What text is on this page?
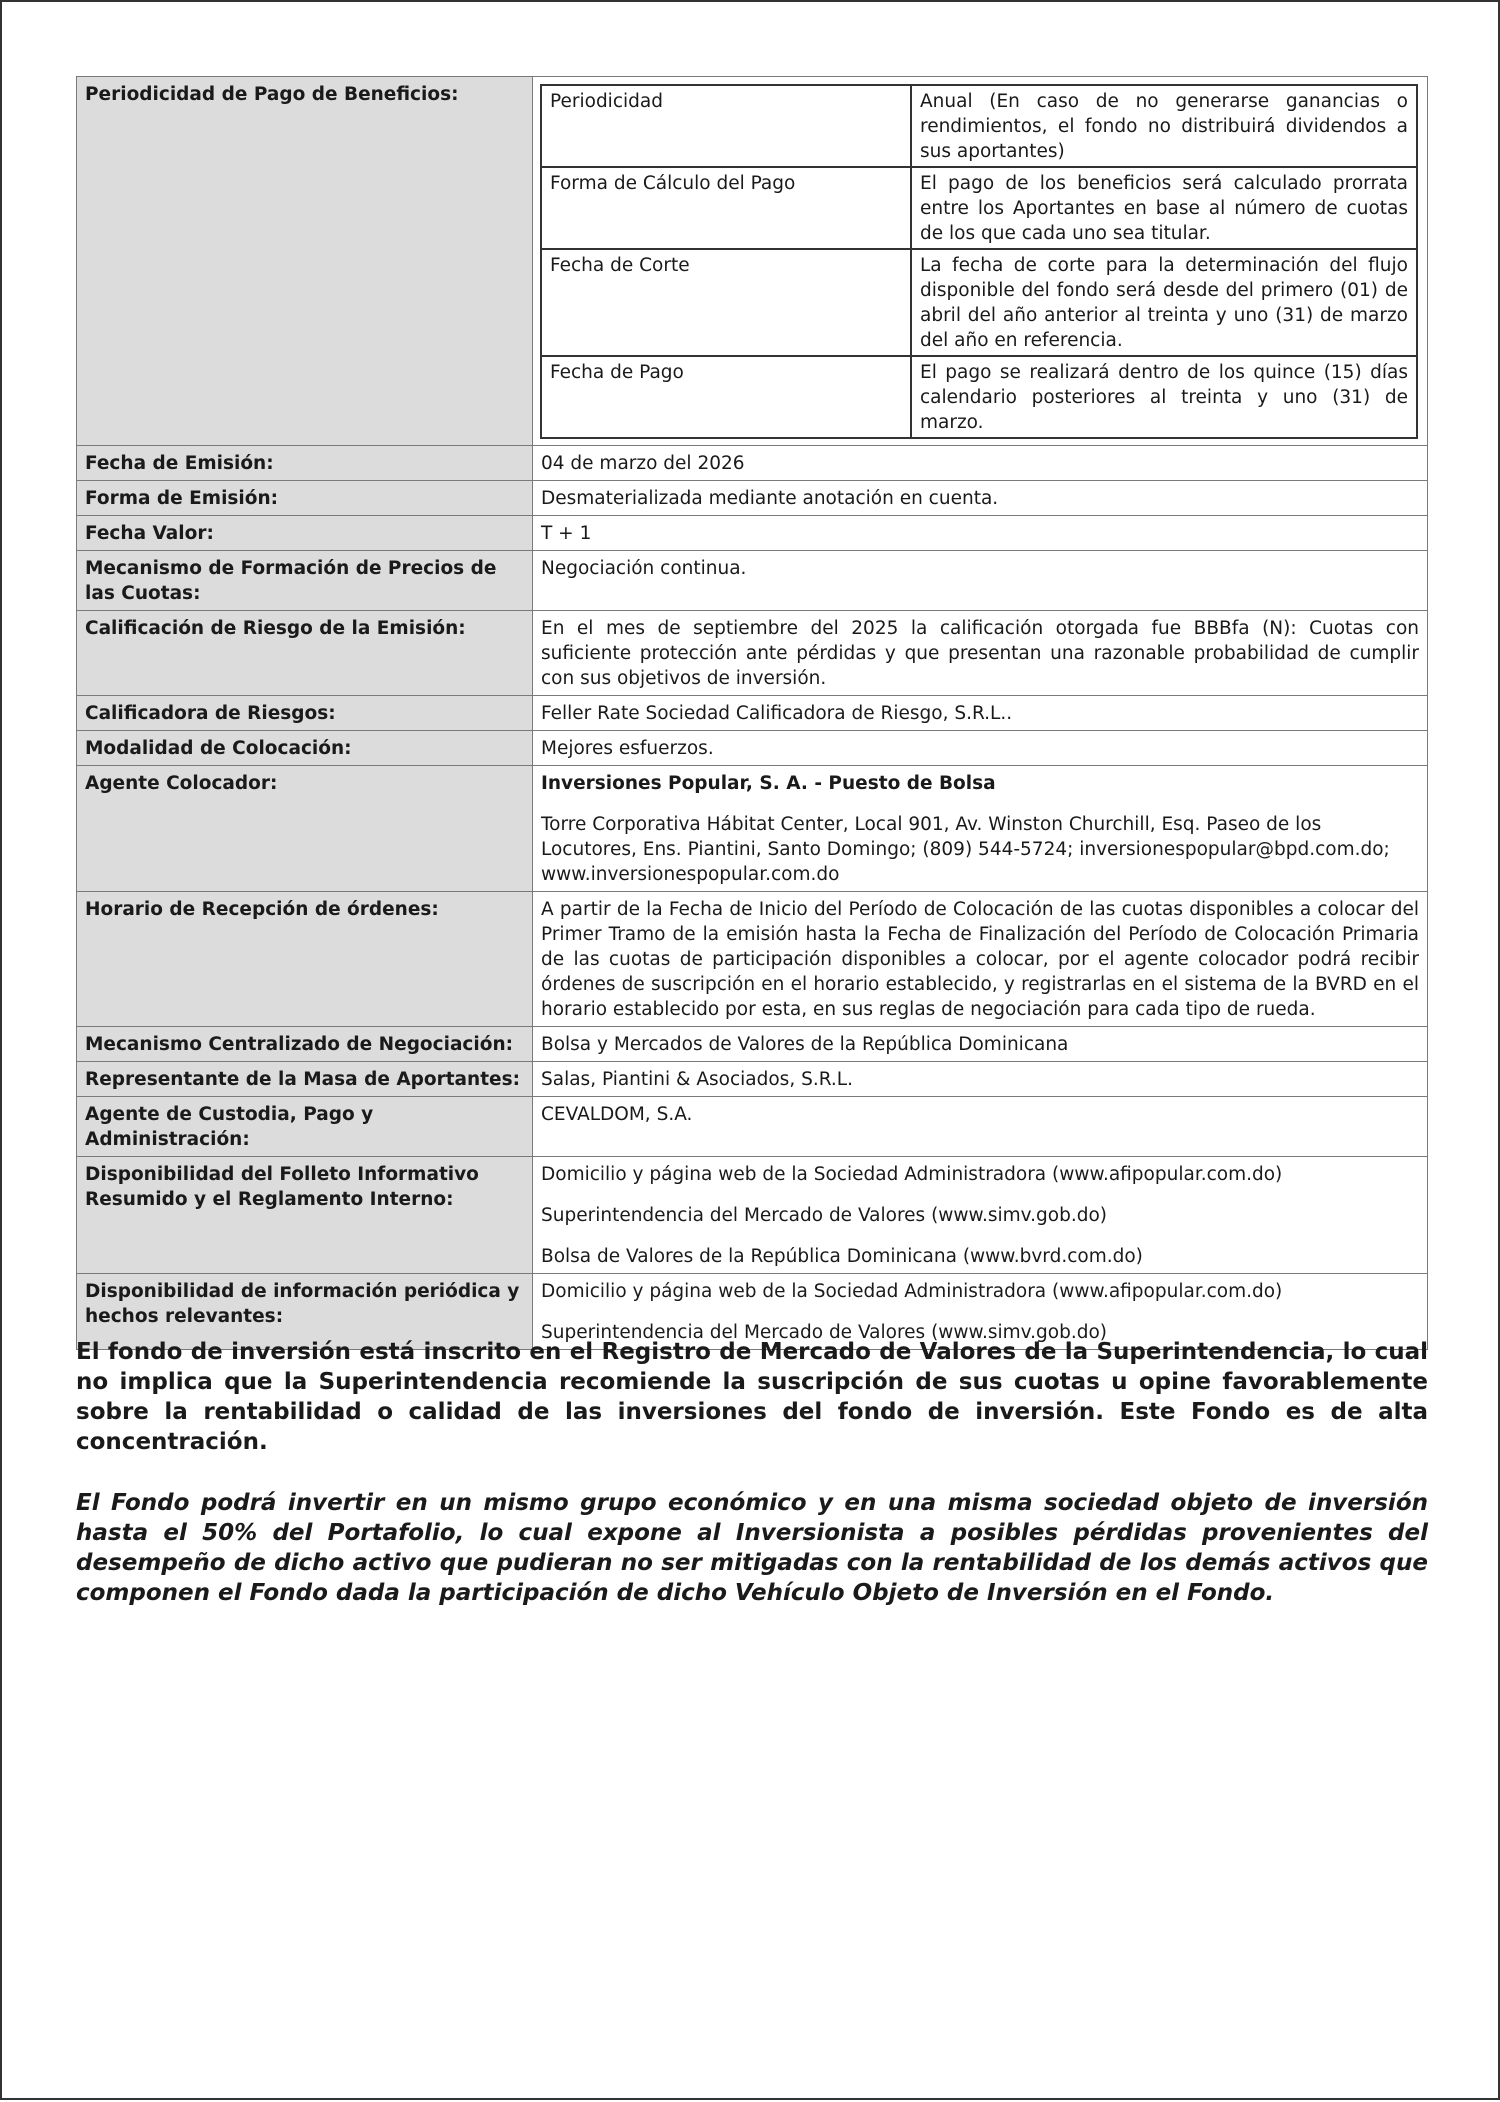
Periodicidad de Pago de Beneficios:		Periodicidad	Anual (En caso de no generarse ganancias o rendimientos, el fondo no distribuirá dividendos a sus aportantes)
Forma de Cálculo del Pago	El pago de los beneficios será calculado prorrata entre los Aportantes en base al número de cuotas de los que cada uno sea titular.
Fecha de Corte	La fecha de corte para la determinación del flujo disponible del fondo será desde del primero (01) de abril del año anterior al treinta y uno (31) de marzo del año en referencia.
Fecha de Pago	El pago se realizará dentro de los quince (15) días calendario posteriores al treinta y uno (31) de marzo.

Fecha de Emisión:	04 de marzo del 2026
Forma de Emisión:	Desmaterializada mediante anotación en cuenta.
Fecha Valor:	T + 1
Mecanismo de Formación de Precios de las Cuotas:	Negociación continua.
Calificación de Riesgo de la Emisión:	En el mes de septiembre del 2025 la calificación otorgada fue BBBfa (N): Cuotas con suficiente protección ante pérdidas y que presentan una razonable probabilidad de cumplir con sus objetivos de inversión.
Calificadora de Riesgos:	Feller Rate Sociedad Calificadora de Riesgo, S.R.L..
Modalidad de Colocación:	Mejores esfuerzos.
Agente Colocador:	Inversiones Popular, S. A. - Puesto de Bolsa
Torre Corporativa Hábitat Center, Local 901, Av. Winston Churchill, Esq. Paseo de los Locutores, Ens. Piantini, Santo Domingo; (809) 544-5724; inversionespopular@bpd.com.do; www.inversionespopular.com.do

Horario de Recepción de órdenes:	A partir de la Fecha de Inicio del Período de Colocación de las cuotas disponibles a colocar del Primer Tramo de la emisión hasta la Fecha de Finalización del Período de Colocación Primaria de las cuotas de participación disponibles a colocar, por el agente colocador podrá recibir órdenes de suscripción en el horario establecido, y registrarlas en el sistema de la BVRD en el horario establecido por esta, en sus reglas de negociación para cada tipo de rueda.
Mecanismo Centralizado de Negociación:	Bolsa y Mercados de Valores de la República Dominicana
Representante de la Masa de Aportantes:	Salas, Piantini & Asociados, S.R.L.
Agente de Custodia, Pago y Administración:	CEVALDOM, S.A.
Disponibilidad del Folleto Informativo Resumido y el Reglamento Interno:	
Domicilio y página web de la Sociedad Administradora (www.afipopular.com.do)
Superintendencia del Mercado de Valores (www.simv.gob.do)
Bolsa de Valores de la República Dominicana (www.bvrd.com.do)

Disponibilidad de información periódica y hechos relevantes:	
Domicilio y página web de la Sociedad Administradora (www.afipopular.com.do)
Superintendencia del Mercado de Valores (www.simv.gob.do)

El fondo de inversión está inscrito en el Registro de Mercado de Valores de la Superintendencia, lo cual no implica que la Superintendencia recomiende la suscripción de sus cuotas u opine favorablemente sobre la rentabilidad o calidad de las inversiones del fondo de inversión. Este Fondo es de alta concentración.

El Fondo podrá invertir en un mismo grupo económico y en una misma sociedad objeto de inversión hasta el 50% del Portafolio, lo cual expone al Inversionista a posibles pérdidas provenientes del desempeño de dicho activo que pudieran no ser mitigadas con la rentabilidad de los demás activos que componen el Fondo dada la participación de dicho Vehículo Objeto de Inversión en el Fondo.
